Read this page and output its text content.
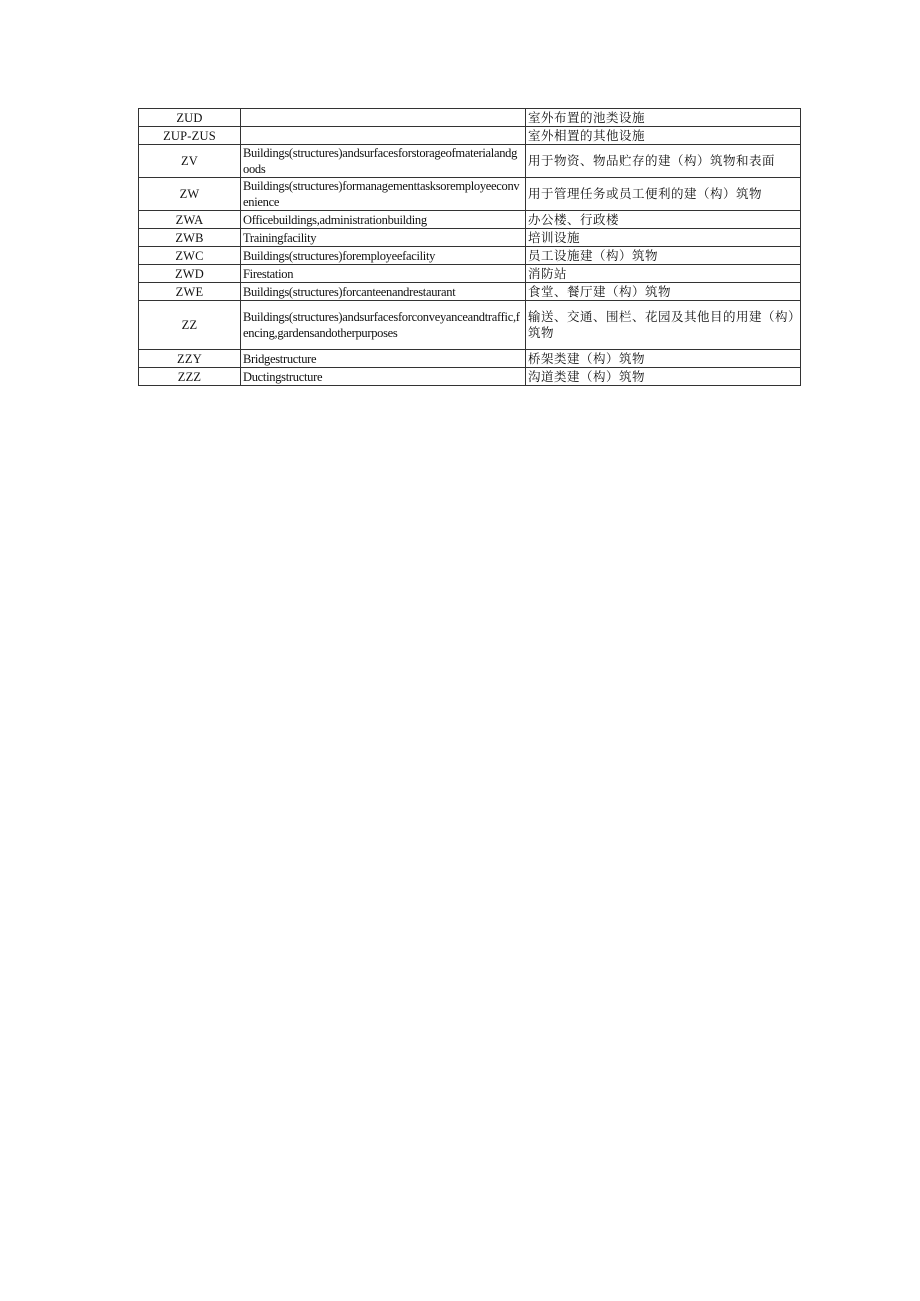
ZUD		室外布置的池类设施
ZUP-ZUS		室外相置的其他设施
ZV	Buildings(structures)andsurfacesforstorageofmaterialandgoods	用于物资、物品贮存的建（构）筑物和表面
ZW	Buildings(structures)formanagementtasksoremployeeconvenience	用于管理任务或员工便利的建（构）筑物
ZWA	Officebuildings,administrationbuilding	办公楼、行政楼
ZWB	Trainingfacility	培训设施
ZWC	Buildings(structures)foremployeefacility	员工设施建（构）筑物
ZWD	Firestation	消防站
ZWE	Buildings(structures)forcanteenandrestaurant	食堂、餐厅建（构）筑物
ZZ	Buildings(structures)andsurfacesforconveyanceandtraffic,fencing,gardensandotherpurposes	输送、交通、围栏、花园及其他目的用建（构）筑物
ZZY	Bridgestructure	桥架类建（构）筑物
ZZZ	Ductingstructure	沟道类建（构）筑物
